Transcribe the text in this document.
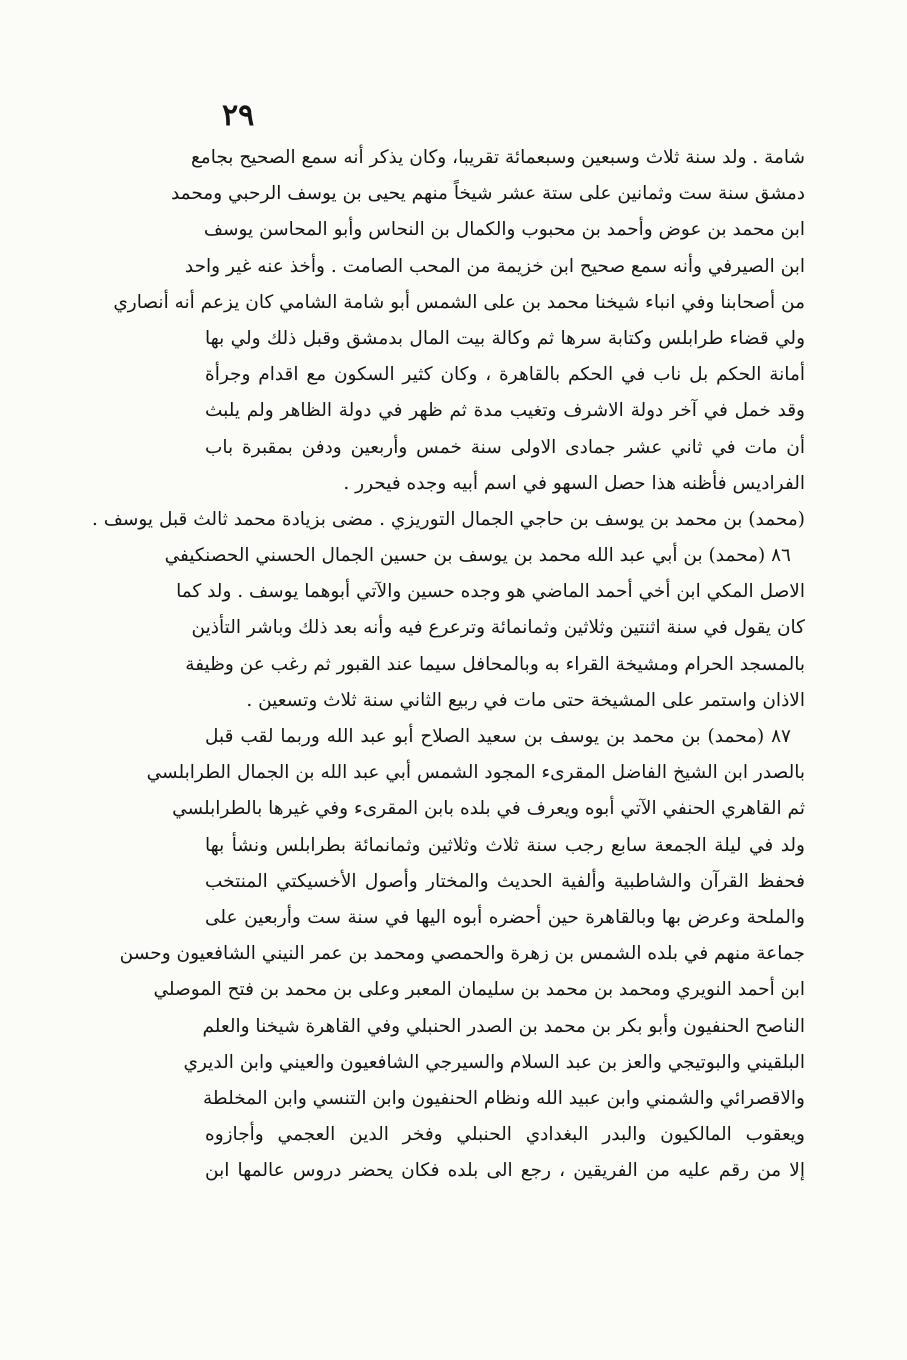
٢٩
شامة . ولد سنة ثلاث وسبعين وسبعمائة تقريبا، وكان يذكر أنه سمع الصحيح بجامع
دمشق سنة ست وثمانين على ستة عشر شيخاً منهم يحيى بن يوسف الرحبي ومحمد
ابن محمد بن عوض وأحمد بن محبوب والكمال بن النحاس وأبو المحاسن يوسف
ابن الصيرفي وأنه سمع صحيح ابن خزيمة من المحب الصامت . وأخذ عنه غير واحد
من أصحابنا وفي انباء شيخنا محمد بن على الشمس أبو شامة الشامي كان يزعم أنه أنصاري
ولي قضاء طرابلس وكتابة سرها ثم وكالة بيت المال بدمشق وقبل ذلك ولي بها
أمانة الحكم بل ناب في الحكم بالقاهرة ، وكان كثير السكون مع اقدام وجرأة
وقد خمل في آخر دولة الاشرف وتغيب مدة ثم ظهر في دولة الظاهر ولم يلبث
أن مات في ثاني عشر جمادى الاولى سنة خمس وأربعين ودفن بمقبرة باب
الفراديس فأظنه هذا حصل السهو في اسم أبيه وجده فيحرر .
(محمد) بن محمد بن يوسف بن حاجي الجمال التوريزي . مضى بزيادة محمد ثالث قبل يوسف .
٨٦ (محمد) بن أبي عبد الله محمد بن يوسف بن حسين الجمال الحسني الحصنكيفي
الاصل المكي ابن أخي أحمد الماضي هو وجده حسين والآتي أبوهما يوسف . ولد كما
كان يقول في سنة اثنتين وثلاثين وثمانمائة وترعرع فيه وأنه بعد ذلك وباشر التأذين
بالمسجد الحرام ومشيخة القراء به وبالمحافل سيما عند القبور ثم رغب عن وظيفة
الاذان واستمر على المشيخة حتى مات في ربيع الثاني سنة ثلاث وتسعين .
٨٧ (محمد) بن محمد بن يوسف بن سعيد الصلاح أبو عبد الله وربما لقب قبل
بالصدر ابن الشيخ الفاضل المقرىء المجود الشمس أبي عبد الله بن الجمال الطرابلسي
ثم القاهري الحنفي الآتي أبوه ويعرف في بلده بابن المقرىء وفي غيرها بالطرابلسي
ولد في ليلة الجمعة سابع رجب سنة ثلاث وثلاثين وثمانمائة بطرابلس ونشأ بها
فحفظ القرآن والشاطبية وألفية الحديث والمختار وأصول الأخسيكتي المنتخب
والملحة وعرض بها وبالقاهرة حين أحضره أبوه اليها في سنة ست وأربعين على
جماعة منهم في بلده الشمس بن زهرة والحمصي ومحمد بن عمر النيني الشافعيون وحسن
ابن أحمد النويري ومحمد بن محمد بن سليمان المعبر وعلى بن محمد بن فتح الموصلي
الناصح الحنفيون وأبو بكر بن محمد بن الصدر الحنبلي وفي القاهرة شيخنا والعلم
البلقيني والبوتيجي والعز بن عبد السلام والسيرجي الشافعيون والعيني وابن الديري
والاقصرائي والشمني وابن عبيد الله ونظام الحنفيون وابن التنسي وابن المخلطة
ويعقوب المالكيون والبدر البغدادي الحنبلي وفخر الدين العجمي وأجازوه
إلا من رقم عليه من الفريقين ، رجع الى بلده فكان يحضر دروس عالمها ابن
